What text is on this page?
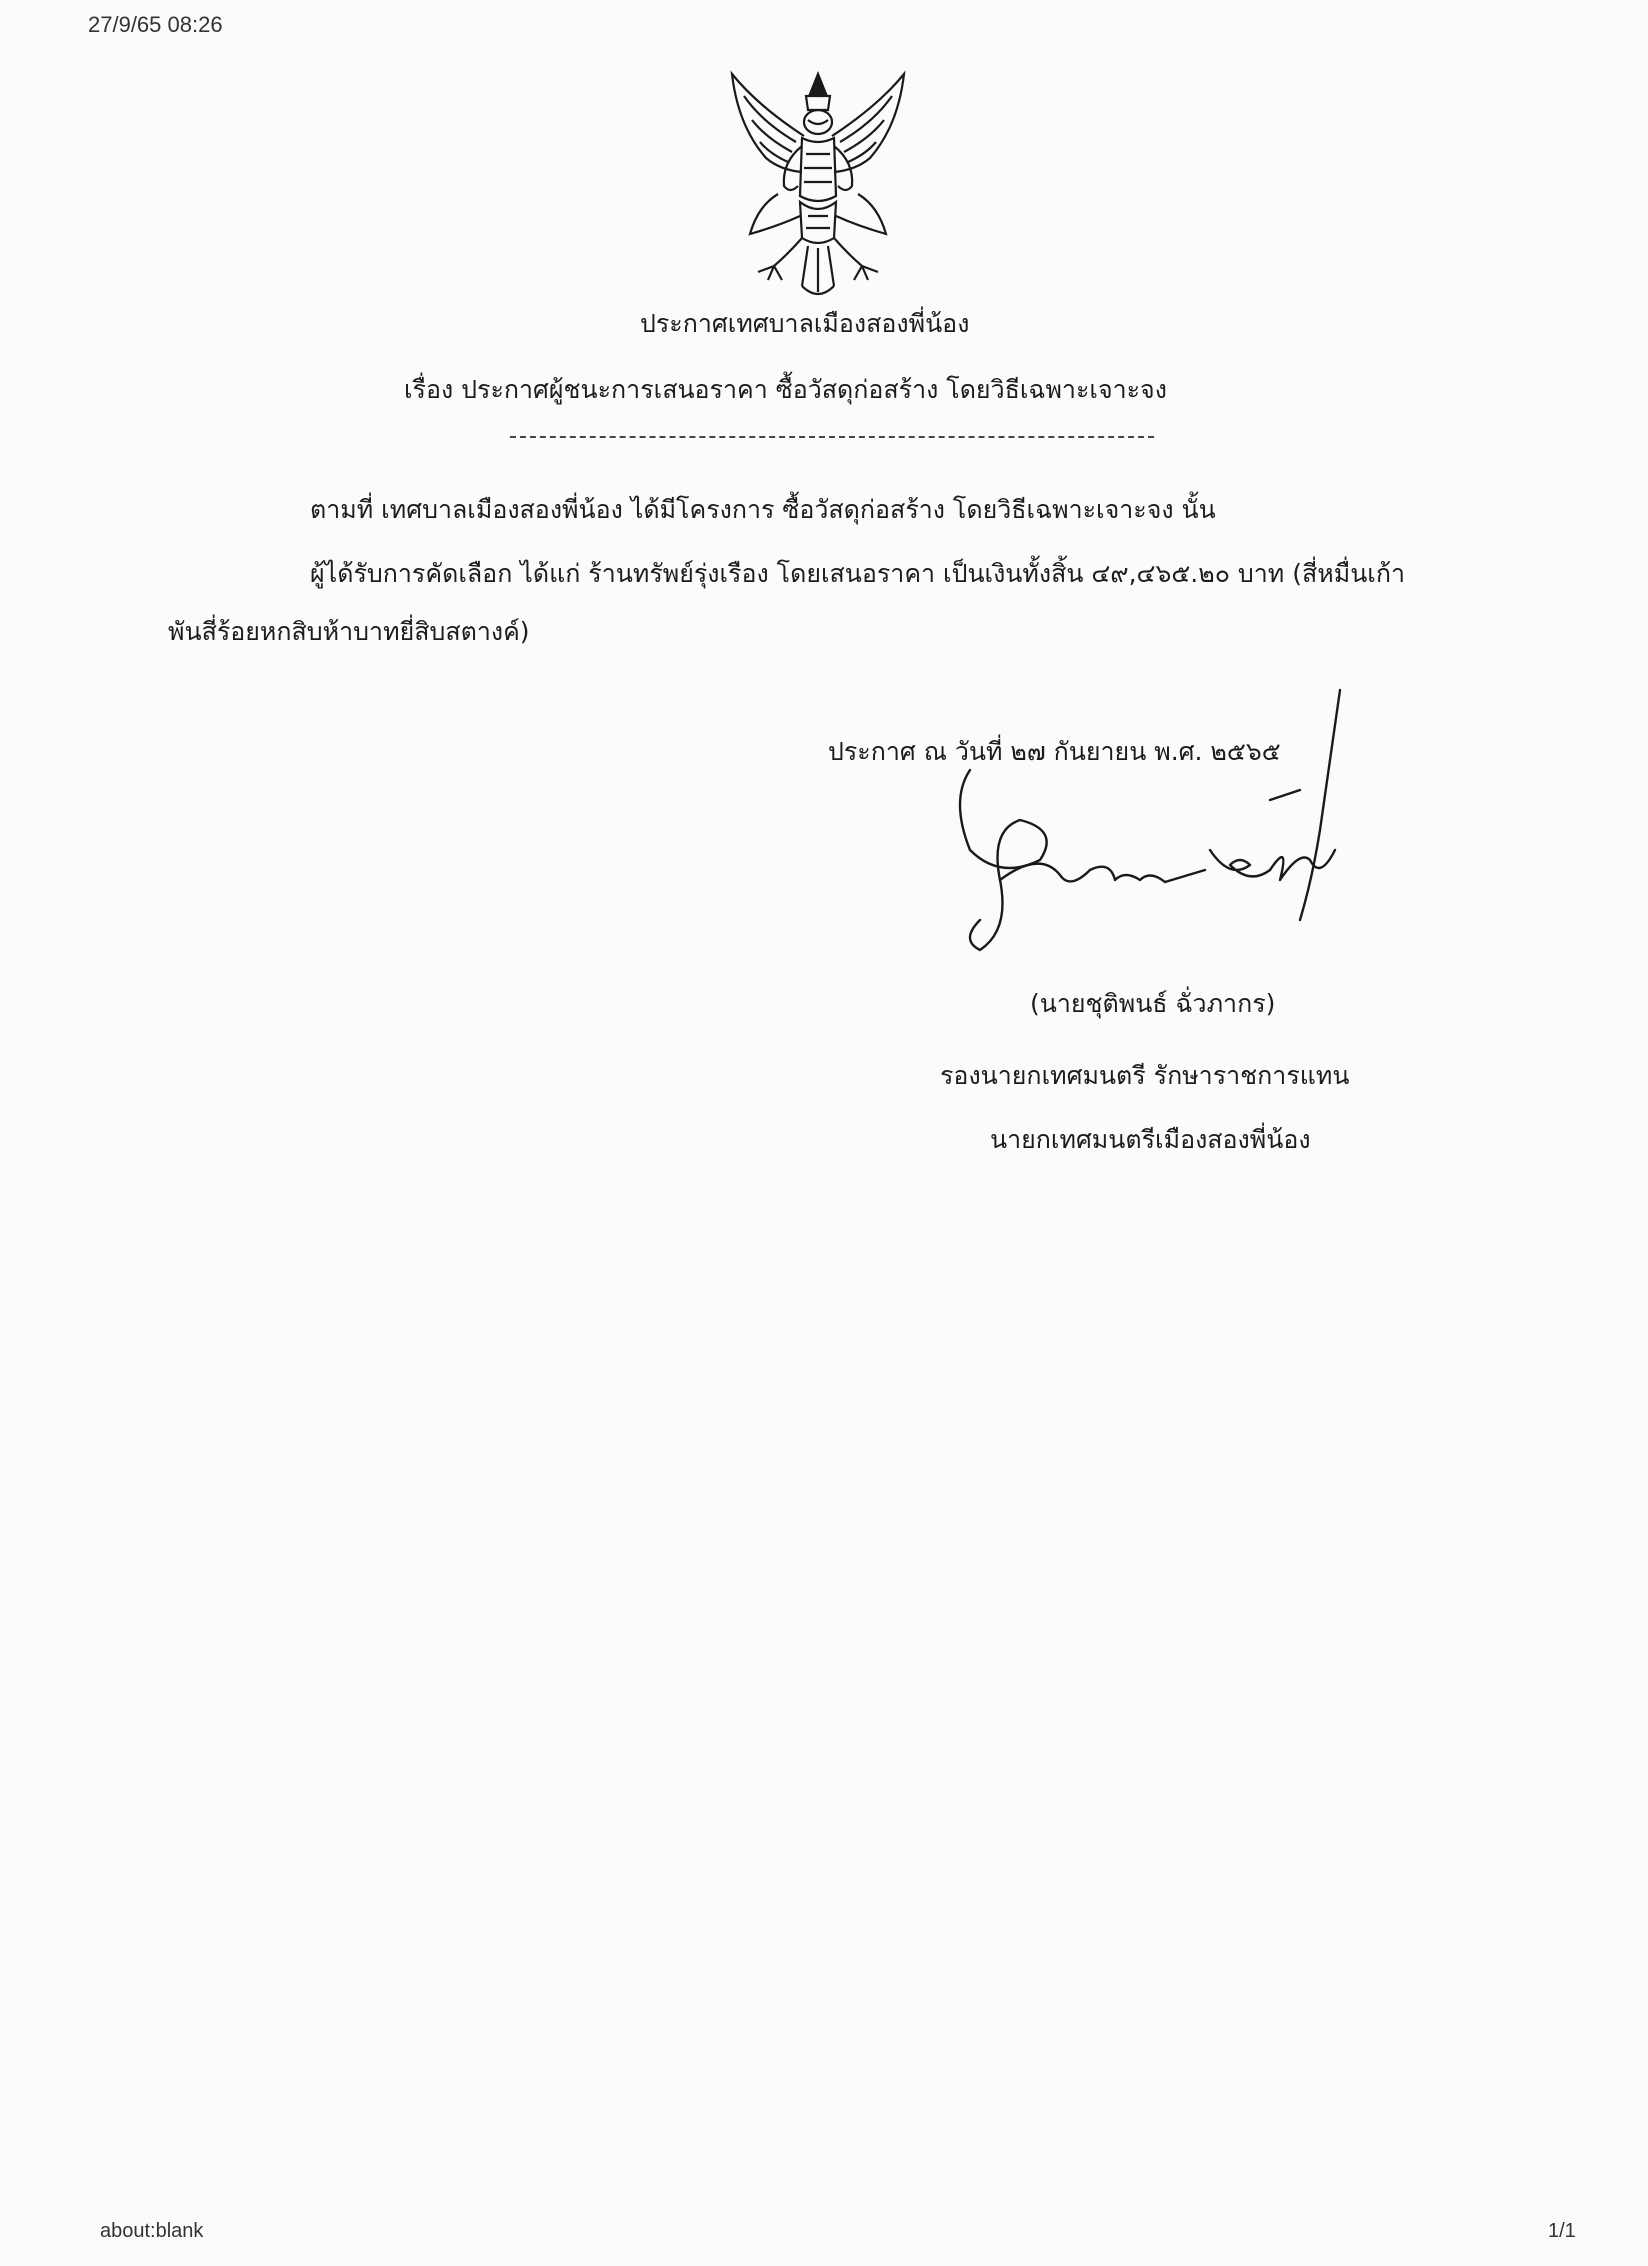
27/9/65 08:26
ประกาศเทศบาลเมืองสองพี่น้อง
เรื่อง ประกาศผู้ชนะการเสนอราคา ซื้อวัสดุก่อสร้าง โดยวิธีเฉพาะเจาะจง
ตามที่ เทศบาลเมืองสองพี่น้อง ได้มีโครงการ ซื้อวัสดุก่อสร้าง โดยวิธีเฉพาะเจาะจง นั้น
ผู้ได้รับการคัดเลือก ได้แก่ ร้านทรัพย์รุ่งเรือง โดยเสนอราคา เป็นเงินทั้งสิ้น ๔๙,๔๖๕.๒๐ บาท (สี่หมื่นเก้า
พันสี่ร้อยหกสิบห้าบาทยี่สิบสตางค์)
ประกาศ ณ วันที่ ๒๗ กันยายน พ.ศ. ๒๕๖๕
(นายชุติพนธ์ ฉั่วภากร)
รองนายกเทศมนตรี รักษาราชการแทน
นายกเทศมนตรีเมืองสองพี่น้อง
about:blank	1/1
